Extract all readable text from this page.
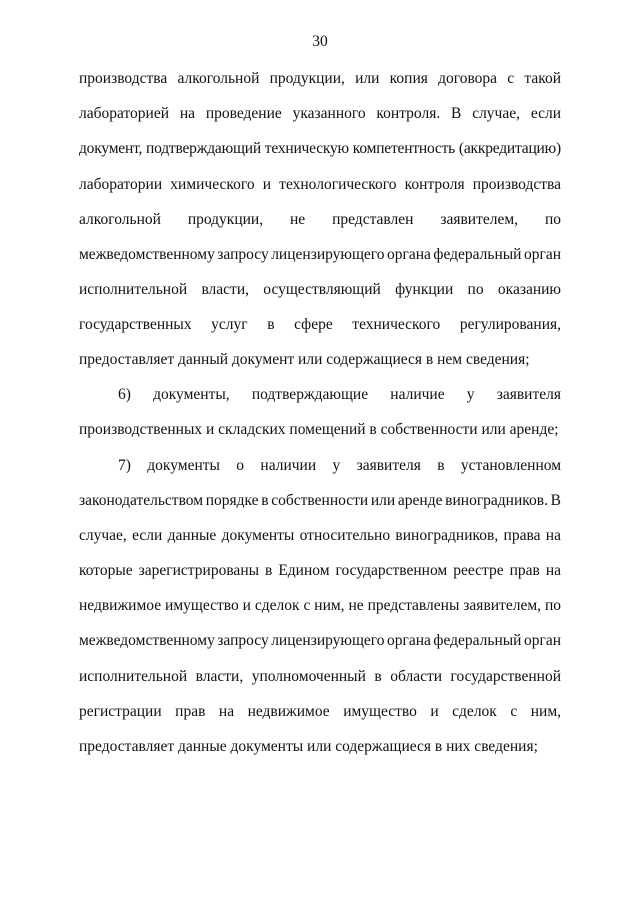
30
производства алкогольной продукции, или копия договора с такой
лабораторией на проведение указанного контроля. В случае, если
документ, подтверждающий техническую компетентность (аккредитацию)
лаборатории химического и технологического контроля производства
алкогольной продукции, не представлен заявителем, по
межведомственному запросу лицензирующего органа федеральный орган
исполнительной власти, осуществляющий функции по оказанию
государственных услуг в сфере технического регулирования,
предоставляет данный документ или содержащиеся в нем сведения;
6) документы, подтверждающие наличие у заявителя
производственных и складских помещений в собственности или аренде;
7) документы о наличии у заявителя в установленном
законодательством порядке в собственности или аренде виноградников. В
случае, если данные документы относительно виноградников, права на
которые зарегистрированы в Едином государственном реестре прав на
недвижимое имущество и сделок с ним, не представлены заявителем, по
межведомственному запросу лицензирующего органа федеральный орган
исполнительной власти, уполномоченный в области государственной
регистрации прав на недвижимое имущество и сделок с ним,
предоставляет данные документы или содержащиеся в них сведения;
